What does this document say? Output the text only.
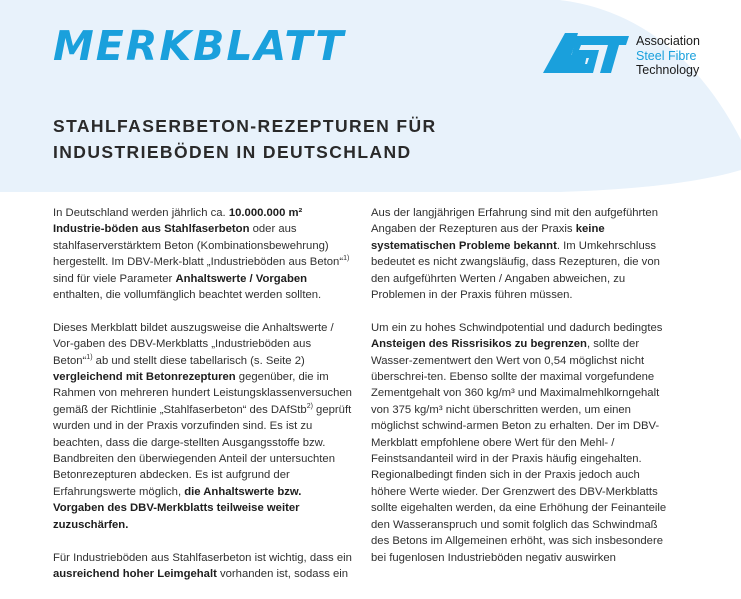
MERKBLATT	Association
Steel Fibre
Technology
STAHLFASERBETON-REZEPTUREN FÜR
INDUSTRIEBÖDEN IN DEUTSCHLAND

In Deutschland werden jährlich ca. 10.000.000 m² Industrie-böden aus Stahlfaserbeton oder aus stahlfaserverstärktem Beton (Kombinationsbewehrung) hergestellt. Im DBV-Merk-blatt „Industrieböden aus Beton“$^{1)}$ sind für viele Parameter Anhaltswerte / Vorgaben enthalten, die vollumfänglich beachtet werden sollten.

Dieses Merkblatt bildet auszugsweise die Anhaltswerte / Vor-gaben des DBV-Merkblatts „Industrieböden aus Beton“$^{1)}$ ab und stellt diese tabellarisch (s. Seite 2) vergleichend mit Betonrezepturen gegenüber, die im Rahmen von mehreren hundert Leistungsklassenversuchen gemäß der Richtlinie „Stahlfaserbeton“ des DAfStb$^{2)}$ geprüft wurden und in der Praxis vorzufinden sind. Es ist zu beachten, dass die darge-stellten Ausgangsstoffe bzw. Bandbreiten den überwiegenden Anteil der untersuchten Betonrezepturen abdecken. Es ist aufgrund der Erfahrungswerte möglich, die Anhaltswerte bzw. Vorgaben des DBV-Merkblatts teilweise weiter zuzuschärfen.

Für Industrieböden aus Stahlfaserbeton ist wichtig, dass ein ausreichend hoher Leimgehalt vorhanden ist, sodass ein

Aus der langjährigen Erfahrung sind mit den aufgeführten Angaben der Rezepturen aus der Praxis keine systematischen Probleme bekannt. Im Umkehrschluss bedeutet es nicht zwangsläufig, dass Rezepturen, die von den aufgeführten Werten / Angaben abweichen, zu Problemen in der Praxis führen müssen.

Um ein zu hohes Schwindpotential und dadurch bedingtes Ansteigen des Rissrisikos zu begrenzen, sollte der Wasser-zementwert den Wert von 0,54 möglichst nicht überschrei-ten. Ebenso sollte der maximal vorgefundene Zementgehalt von 360 kg/m³ und Maximalmehlkorngehalt von 375 kg/m³ nicht überschritten werden, um einen möglichst schwind-armen Beton zu erhalten. Der im DBV-Merkblatt empfohlene obere Wert für den Mehl- / Feinstsandanteil wird in der Praxis häufig eingehalten. Regionalbedingt finden sich in der Praxis jedoch auch höhere Werte wieder. Der Grenzwert des DBV-Merkblatts sollte eigehalten werden, da eine Erhöhung der Feinanteile den Wasseranspruch und somit folglich das Schwindmaß des Betons im Allgemeinen erhöht, was sich insbesondere bei fugenlosen Industrieböden negativ auswirken
